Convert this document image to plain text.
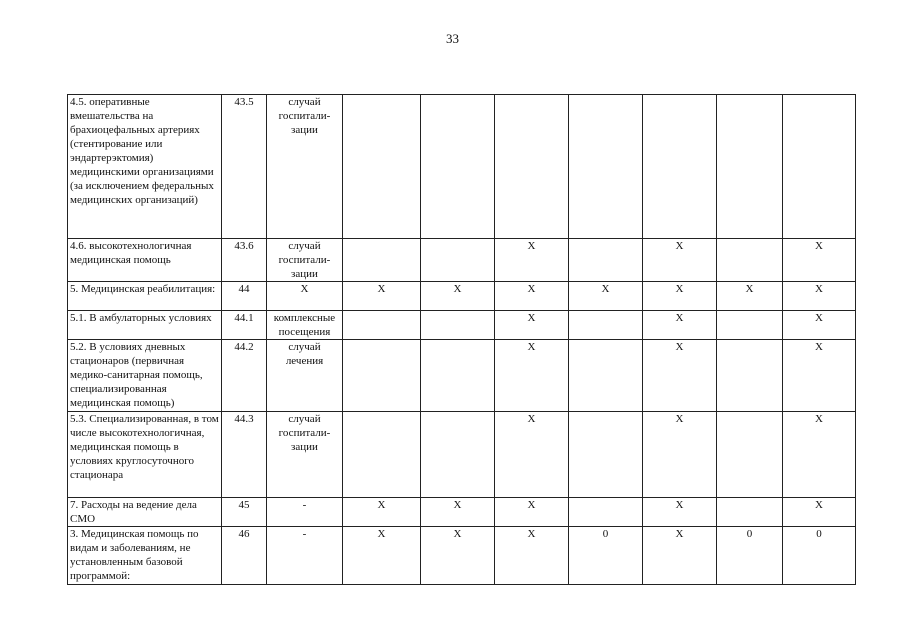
33
4.5. оперативные вмешательства на брахиоцефальных артериях (стентирование или эндартерэктомия) медицинскими организациями (за исключением федеральных медицинских организаций)	43.5	случай госпитали-зации							
4.6. высокотехнологичная медицинская помощь	43.6	случай госпитали-зации			X		X		X
5. Медицинская реабилитация:	44	X	X	X	X	X	X	X	X
5.1. В амбулаторных условиях	44.1	комплексные посещения			X		X		X
5.2. В условиях дневных стационаров (первичная медико-санитарная помощь, специализированная медицинская помощь)	44.2	случай лечения			X		X		X
5.3. Специализированная, в том числе высокотехнологичная, медицинская помощь в условиях круглосуточного стационара	44.3	случай госпитали-зации			X		X		X
7. Расходы на ведение дела СМО	45	-	X	X	X		X		X
3. Медицинская помощь по видам и заболеваниям, не установленным базовой программой:	46	-	X	X	X	0	X	0	0
